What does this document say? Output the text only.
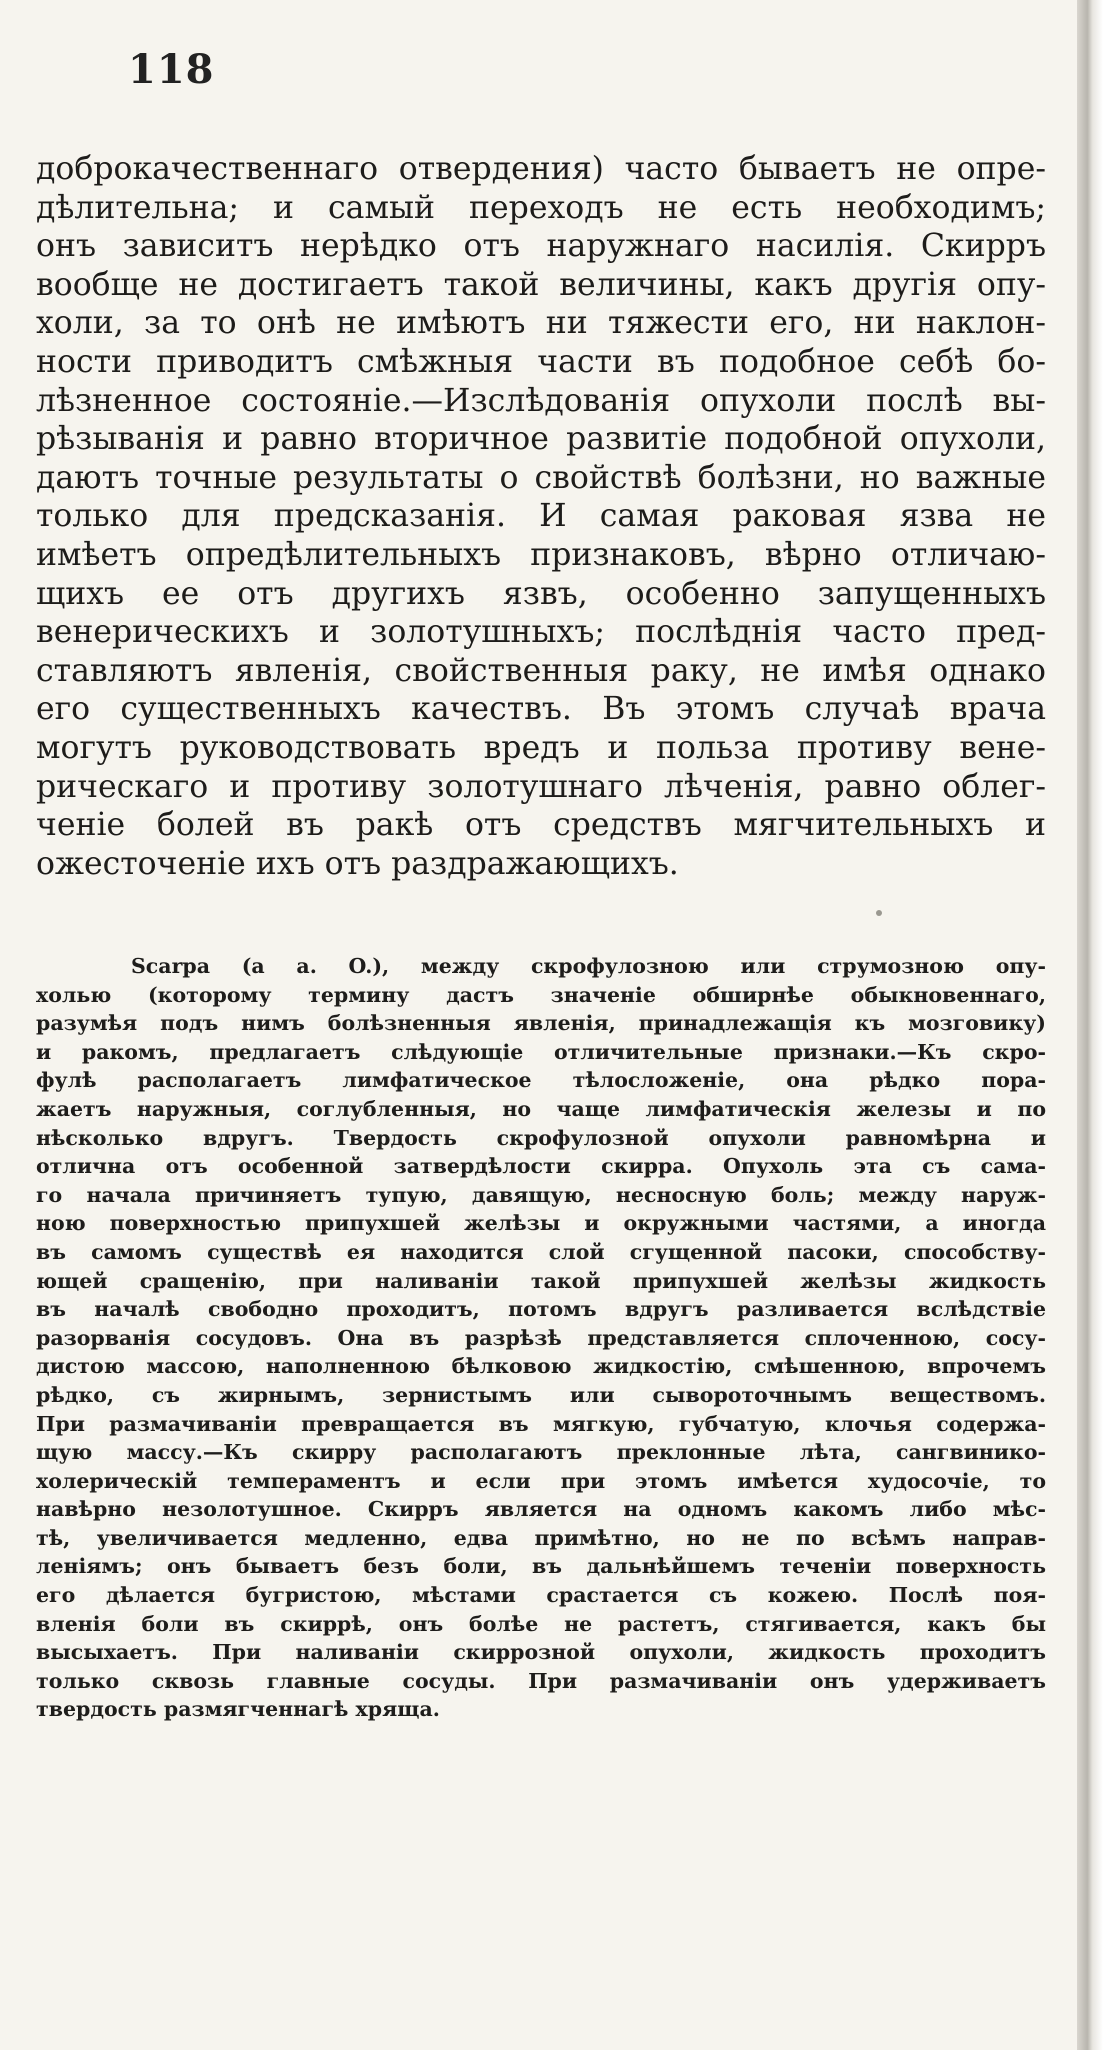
118
доброкачественнаго отвердения) часто бываетъ не опре-
дѣлительна; и самый переходъ не есть необходимъ;
онъ зависитъ нерѣдко отъ наружнаго насилія. Скирръ
вообще не достигаетъ такой величины, какъ другія опу-
холи, за то онѣ не имѣютъ ни тяжести его, ни наклон-
ности приводитъ смѣжныя части въ подобное себѣ бо-
лѣзненное состояніе.—Изслѣдованія опухоли послѣ вы-
рѣзыванія и равно вторичное развитіе подобной опухоли,
даютъ точные результаты о свойствѣ болѣзни, но важные
только для предсказанія. И самая раковая язва не
имѣетъ опредѣлительныхъ признаковъ, вѣрно отличаю-
щихъ ее отъ другихъ язвъ, особенно запущенныхъ
венерическихъ и золотушныхъ; послѣднія часто пред-
ставляютъ явленія, свойственныя раку, не имѣя однако
его существенныхъ качествъ. Въ этомъ случаѣ врача
могутъ руководствовать вредъ и польза противу вене-
рическаго и противу золотушнаго лѣченія, равно облег-
ченіе болей въ ракѣ отъ средствъ мягчительныхъ и
ожесточеніе ихъ отъ раздражающихъ.
Scarpa (a a. O.), между скрофулозною или струмозною опу-
холью (которому термину дастъ значеніе обширнѣе обыкновеннаго,
разумѣя подъ нимъ болѣзненныя явленія, принадлежащія къ мозговику)
и ракомъ, предлагаетъ слѣдующіе отличительные признаки.—Къ скро-
фулѣ располагаетъ лимфатическое тѣлосложеніе, она рѣдко пора-
жаетъ наружныя, соглубленныя, но чаще лимфатическія железы и по
нѣсколько вдругъ. Твердость скрофулозной опухоли равномѣрна и
отлична отъ особенной затвердѣлости скирра. Опухоль эта съ сама-
го начала причиняетъ тупую, давящую, несносную боль; между наруж-
ною поверхностью припухшей желѣзы и окружными частями, а иногда
въ самомъ существѣ ея находится слой сгущенной пасоки, способству-
ющей сращенію, при наливаніи такой припухшей желѣзы жидкость
въ началѣ свободно проходитъ, потомъ вдругъ разливается вслѣдствіе
разорванія сосудовъ. Она въ разрѣзѣ представляется сплоченною, сосу-
дистою массою, наполненною бѣлковою жидкостію, смѣшенною, впрочемъ
рѣдко, съ жирнымъ, зернистымъ или сывороточнымъ веществомъ.
При размачиваніи превращается въ мягкую, губчатую, клочья содержа-
щую массу.—Къ скирру располагаютъ преклонные лѣта, сангвинико-
холерическій темпераментъ и если при этомъ имѣется худосочіе, то
навѣрно незолотушное. Скирръ является на одномъ какомъ либо мѣс-
тѣ, увеличивается медленно, едва примѣтно, но не по всѣмъ направ-
леніямъ; онъ бываетъ безъ боли, въ дальнѣйшемъ теченіи поверхность
его дѣлается бугристою, мѣстами срастается съ кожею. Послѣ поя-
вленія боли въ скиррѣ, онъ болѣе не растетъ, стягивается, какъ бы
высыхаетъ. При наливаніи скиррозной опухоли, жидкость проходитъ
только сквозь главные сосуды. При размачиваніи онъ удерживаетъ
твердость размягченнагѣ хряща.
